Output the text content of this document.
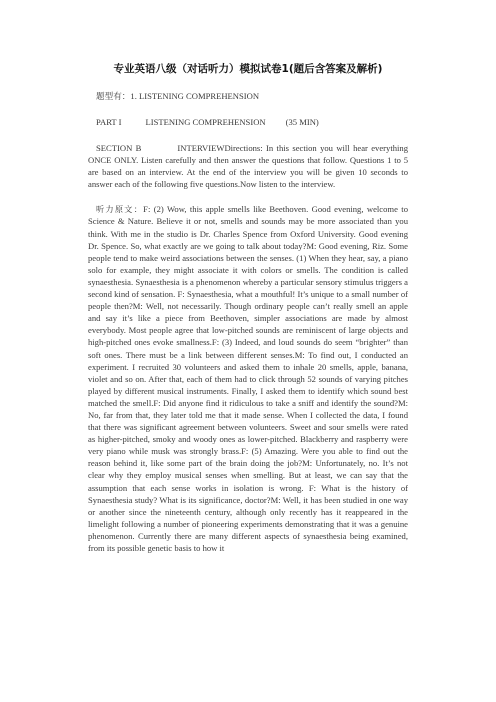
专业英语八级（对话听力）模拟试卷1(题后含答案及解析)
题型有：1. LISTENING COMPREHENSION
PART I	LISTENING COMPREHENSION (35 MIN)

SECTION B	INTERVIEWDirections: In this section you will hear everything ONCE ONLY. Listen carefully and then answer the questions that follow. Questions 1 to 5 are based on an interview. At the end of the interview you will be given 10 seconds to answer each of the following five questions.Now listen to the interview.

听力原文：F: (2) Wow, this apple smells like Beethoven. Good evening, welcome to Science & Nature. Believe it or not, smells and sounds may be more associated than you think. With me in the studio is Dr. Charles Spence from Oxford University. Good evening Dr. Spence. So, what exactly are we going to talk about today?M: Good evening, Riz. Some people tend to make weird associations between the senses. (1) When they hear, say, a piano solo for example, they might associate it with colors or smells. The condition is called synaesthesia. Synaesthesia is a phenomenon whereby a particular sensory stimulus triggers a second kind of sensation. F: Synaesthesia, what a mouthful! It’s unique to a small number of people then?M: Well, not necessarily. Though ordinary people can’t really smell an apple and say it’s like a piece from Beethoven, simpler associations are made by almost everybody. Most people agree that low-pitched sounds are reminiscent of large objects and high-pitched ones evoke smallness.F: (3) Indeed, and loud sounds do seem “brighter” than soft ones. There must be a link between different senses.M: To find out, I conducted an experiment. I recruited 30 volunteers and asked them to inhale 20 smells, apple, banana, violet and so on. After that, each of them had to click through 52 sounds of varying pitches played by different musical instruments. Finally, I asked them to identify which sound best matched the smell.F: Did anyone find it ridiculous to take a sniff and identify the sound?M: No, far from that, they later told me that it made sense. When I collected the data, I found that there was significant agreement between volunteers. Sweet and sour smells were rated as higher-pitched, smoky and woody ones as lower-pitched. Blackberry and raspberry were very piano while musk was strongly brass.F: (5) Amazing. Were you able to find out the reason behind it, like some part of the brain doing the job?M: Unfortunately, no. It’s not clear why they employ musical senses when smelling. But at least, we can say that the assumption that each sense works in isolation is wrong. F: What is the history of Synaesthesia study? What is its significance, doctor?M: Well, it has been studied in one way or another since the nineteenth century, although only recently has it reappeared in the limelight following a number of pioneering experiments demonstrating that it was a genuine phenomenon. Currently there are many different aspects of synaesthesia being examined, from its possible genetic basis to how it
